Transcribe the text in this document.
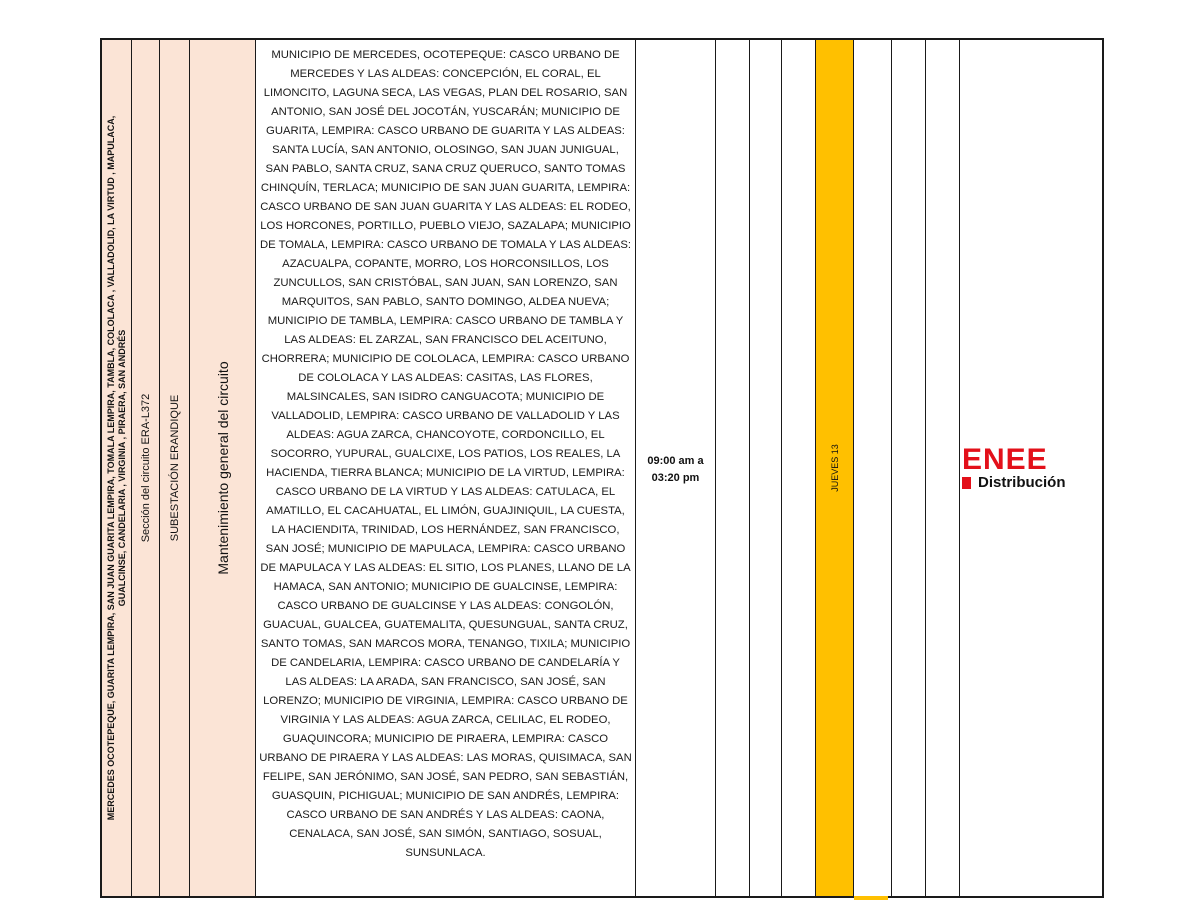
MERCEDES OCOTEPEQUE, GUARITA LEMPIRA, SAN JUAN GUARITA LEMPIRA, TOMALA LEMPIRA, TAMBLA, COLOLACA , VALLADOLID, LA VIRTUD , MAPULACA, GUALCINSE, CANDELARIA , VIRGINIA , PIRAERA, SAN ANDRÉS Sección del circuito ERA-L372 SUBESTACIÓN ERANDIQUE Mantenimiento general del circuito
MUNICIPIO DE MERCEDES, OCOTEPEQUE: CASCO URBANO DE MERCEDES Y LAS ALDEAS: CONCEPCIÓN, EL CORAL, EL LIMONCITO, LAGUNA SECA, LAS VEGAS, PLAN DEL ROSARIO, SAN ANTONIO, SAN JOSÉ DEL JOCOTÁN, YUSCARÁN; MUNICIPIO DE GUARITA, LEMPIRA: CASCO URBANO DE GUARITA Y LAS ALDEAS: SANTA LUCÍA, SAN ANTONIO, OLOSINGO, SAN JUAN JUNIGUAL, SAN PABLO, SANTA CRUZ, SANA CRUZ QUERUCO, SANTO TOMAS CHINQUÍN, TERLACA; MUNICIPIO DE SAN JUAN GUARITA, LEMPIRA: CASCO URBANO DE SAN JUAN GUARITA Y LAS ALDEAS: EL RODEO, LOS HORCONES, PORTILLO, PUEBLO VIEJO, SAZALAPA; MUNICIPIO DE TOMALA, LEMPIRA: CASCO URBANO DE TOMALA Y LAS ALDEAS: AZACUALPA, COPANTE, MORRO, LOS HORCONSILLOS, LOS ZUNCULLOS, SAN CRISTÓBAL, SAN JUAN, SAN LORENZO, SAN MARQUITOS, SAN PABLO, SANTO DOMINGO, ALDEA NUEVA; MUNICIPIO DE TAMBLA, LEMPIRA: CASCO URBANO DE TAMBLA Y LAS ALDEAS: EL ZARZAL, SAN FRANCISCO DEL ACEITUNO, CHORRERA; MUNICIPIO DE COLOLACA, LEMPIRA: CASCO URBANO DE COLOLACA Y LAS ALDEAS: CASITAS, LAS FLORES, MALSINCALES, SAN ISIDRO CANGUACOTA; MUNICIPIO DE VALLADOLID, LEMPIRA: CASCO URBANO DE VALLADOLID Y LAS ALDEAS: AGUA ZARCA, CHANCOYOTE, CORDONCILLO, EL SOCORRO, YUPURAL, GUALCIXE, LOS PATIOS, LOS REALES, LA HACIENDA, TIERRA BLANCA; MUNICIPIO DE LA VIRTUD, LEMPIRA: CASCO URBANO DE LA VIRTUD Y LAS ALDEAS: CATULACA, EL AMATILLO, EL CACAHUATAL, EL LIMÓN, GUAJINIQUIL, LA CUESTA, LA HACIENDITA, TRINIDAD, LOS HERNÁNDEZ, SAN FRANCISCO, SAN JOSÉ; MUNICIPIO DE MAPULACA, LEMPIRA: CASCO URBANO DE MAPULACA Y LAS ALDEAS: EL SITIO, LOS PLANES, LLANO DE LA HAMACA, SAN ANTONIO; MUNICIPIO DE GUALCINSE, LEMPIRA: CASCO URBANO DE GUALCINSE Y LAS ALDEAS: CONGOLÓN, GUACUAL, GUALCEA, GUATEMALITA, QUESUNGUAL, SANTA CRUZ, SANTO TOMAS, SAN MARCOS MORA, TENANGO, TIXILA; MUNICIPIO DE CANDELARIA, LEMPIRA: CASCO URBANO DE CANDELARÍA Y LAS ALDEAS: LA ARADA, SAN FRANCISCO, SAN JOSÉ, SAN LORENZO; MUNICIPIO DE VIRGINIA, LEMPIRA: CASCO URBANO DE VIRGINIA Y LAS ALDEAS: AGUA ZARCA, CELILAC, EL RODEO, GUAQUINCORA; MUNICIPIO DE PIRAERA, LEMPIRA: CASCO URBANO DE PIRAERA Y LAS ALDEAS: LAS MORAS, QUISIMACA, SAN FELIPE, SAN JERÓNIMO, SAN JOSÉ, SAN PEDRO, SAN SEBASTIÁN, GUASQUIN, PICHIGUAL; MUNICIPIO DE SAN ANDRÉS, LEMPIRA: CASCO URBANO DE SAN ANDRÉS Y LAS ALDEAS: CAONA, CENALACA, SAN JOSÉ, SAN SIMÓN, SANTIAGO, SOSUAL, SUNSUNLACA.
09:00 am a
03:20 pm	JUEVES 13	ENEE
Distribución
